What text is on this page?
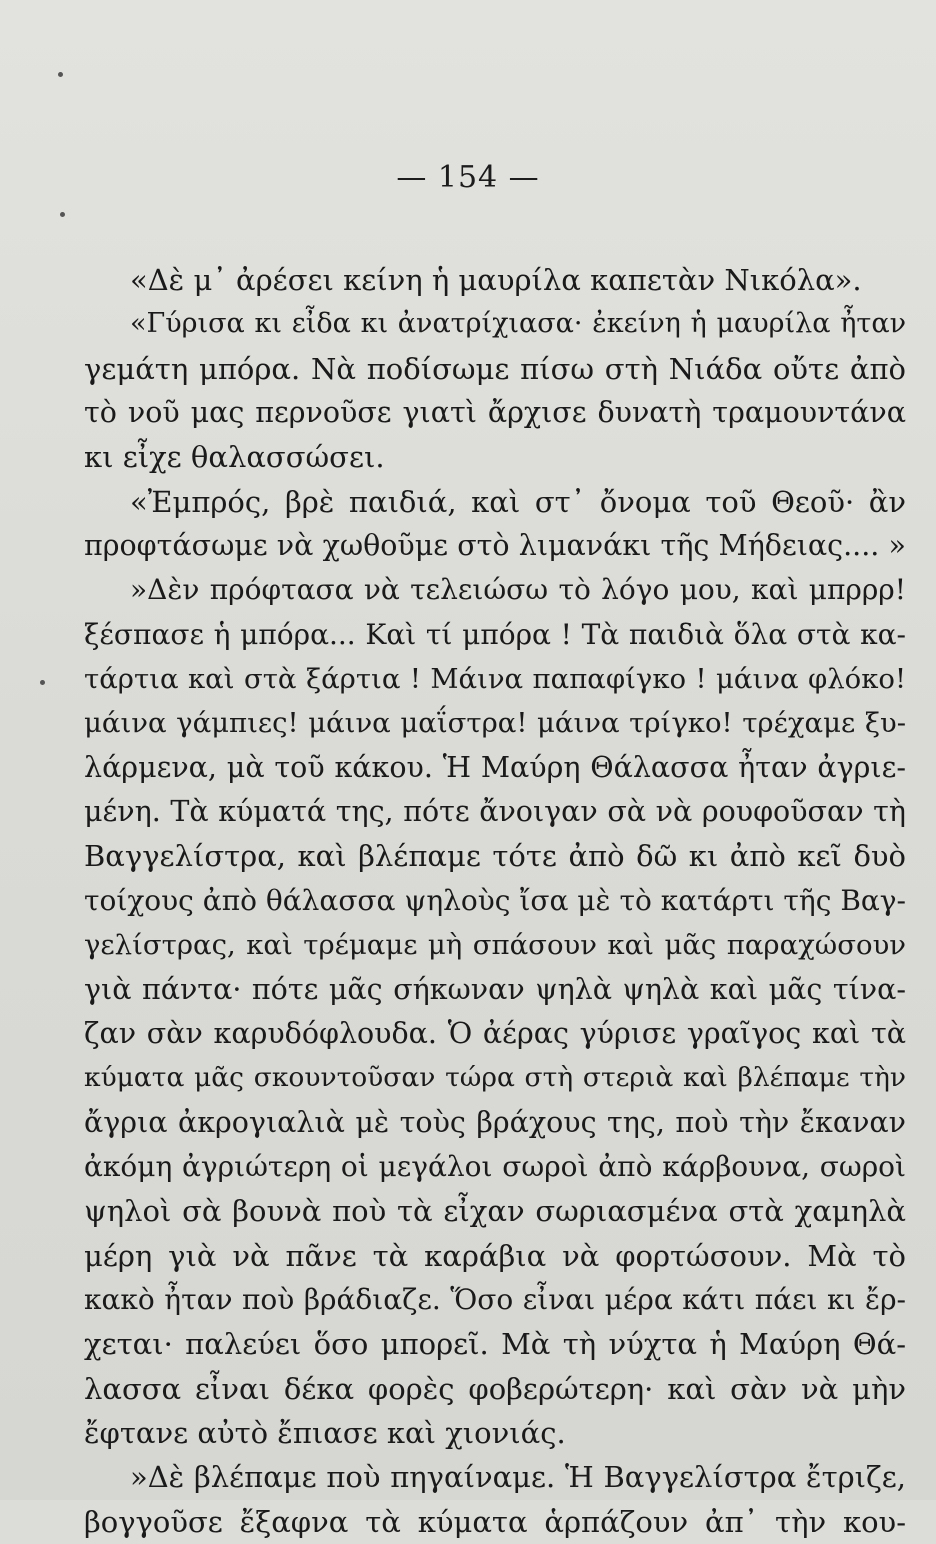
— 154 —
«Δὲ μ᾽ ἀρέσει κείνη ἡ μαυρίλα καπετὰν Νικόλα».
«Γύρισα κι εἶδα κι ἀνατρίχιασα· ἐκείνη ἡ μαυρίλα ἦταν
γεμάτη μπόρα. Νὰ ποδίσωμε πίσω στὴ Νιάδα οὔτε ἀπὸ
τὸ νοῦ μας περνοῦσε γιατὶ ἄρχισε δυνατὴ τραμουντάνα
κι εἶχε θαλασσώσει.
«Ἐμπρός, βρὲ παιδιά, καὶ στ᾽ ὄνομα τοῦ Θεοῦ· ἂν
προφτάσωμε νὰ χωθοῦμε στὸ λιμανάκι τῆς Μήδειας.... »
»Δὲν πρόφτασα νὰ τελειώσω τὸ λόγο μου, καὶ μπρρρ!
ξέσπασε ἡ μπόρα... Καὶ τί μπόρα ! Τὰ παιδιὰ ὅλα στὰ κα-
τάρτια καὶ στὰ ξάρτια ! Μάινα παπαφίγκο ! μάινα φλόκο!
μάινα γάμπιες! μάινα μαΐστρα! μάινα τρίγκο! τρέχαμε ξυ-
λάρμενα, μὰ τοῦ κάκου. Ἡ Μαύρη Θάλασσα ἦταν ἀγριε-
μένη. Τὰ κύματά της, πότε ἄνοιγαν σὰ νὰ ρουφοῦσαν τὴ
Βαγγελίστρα, καὶ βλέπαμε τότε ἀπὸ δῶ κι ἀπὸ κεῖ δυὸ
τοίχους ἀπὸ θάλασσα ψηλοὺς ἴσα μὲ τὸ κατάρτι τῆς Βαγ-
γελίστρας, καὶ τρέμαμε μὴ σπάσουν καὶ μᾶς παραχώσουν
γιὰ πάντα· πότε μᾶς σήκωναν ψηλὰ ψηλὰ καὶ μᾶς τίνα-
ζαν σὰν καρυδόφλουδα. Ὁ ἀέρας γύρισε γραῖγος καὶ τὰ
κύματα μᾶς σκουντοῦσαν τώρα στὴ στεριὰ καὶ βλέπαμε τὴν
ἄγρια ἀκρογιαλιὰ μὲ τοὺς βράχους της, ποὺ τὴν ἔκαναν
ἀκόμη ἀγριώτερη οἱ μεγάλοι σωροὶ ἀπὸ κάρβουνα, σωροὶ
ψηλοὶ σὰ βουνὰ ποὺ τὰ εἶχαν σωριασμένα στὰ χαμηλὰ
μέρη γιὰ νὰ πᾶνε τὰ καράβια νὰ φορτώσουν. Μὰ τὸ
κακὸ ἦταν ποὺ βράδιαζε. Ὅσο εἶναι μέρα κάτι πάει κι ἔρ-
χεται· παλεύει ὅσο μπορεῖ. Μὰ τὴ νύχτα ἡ Μαύρη Θά-
λασσα εἶναι δέκα φορὲς φοβερώτερη· καὶ σὰν νὰ μὴν
ἔφτανε αὐτὸ ἔπιασε καὶ χιονιάς.
»Δὲ βλέπαμε ποὺ πηγαίναμε. Ἡ Βαγγελίστρα ἔτριζε,
βογγοῦσε ἔξαφνα τὰ κύματα ἁρπάζουν ἀπ᾽ τὴν κου-
